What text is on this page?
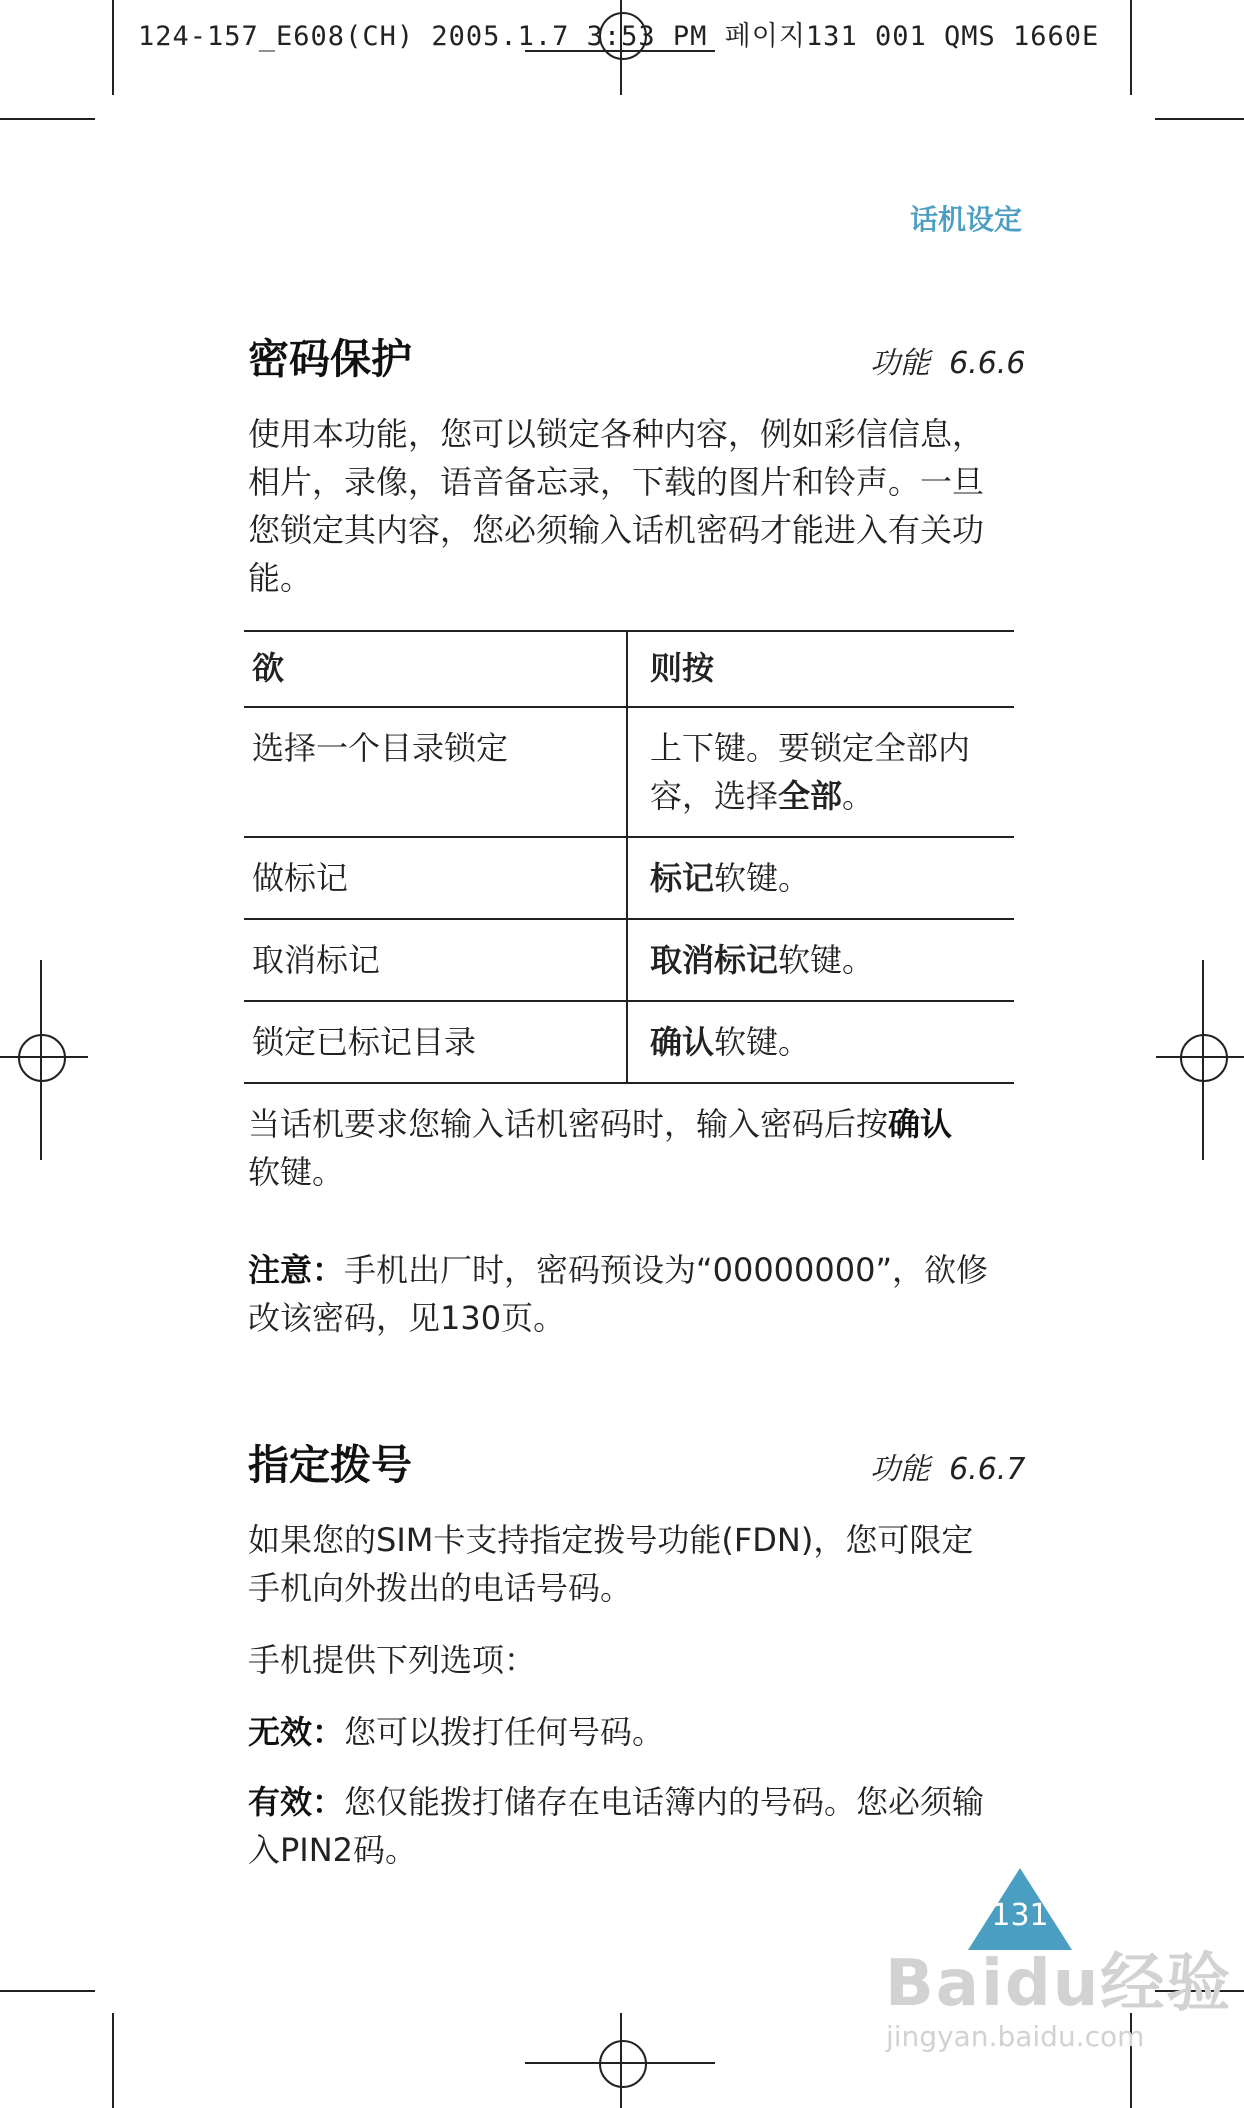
124-157_E608(CH) 2005.1.7 3:53 PM 페이지131 001 QMS 1660E
话机设定
密码保护	功能 6.6.6
使用本功能，您可以锁定各种内容，例如彩信信息，相片，录像，语音备忘录，下载的图片和铃声。一旦您锁定其内容，您必须输入话机密码才能进入有关功能。
欲	则按
选择一个目录锁定	上下键。要锁定全部内容，选择全部。
做标记	标记软键。
取消标记	取消标记软键。
锁定已标记目录	确认软键。
当话机要求您输入话机密码时，输入密码后按确认软键。
注意：手机出厂时，密码预设为“00000000”，欲修改该密码，见130页。
指定拨号	功能 6.6.7
如果您的SIM卡支持指定拨号功能(FDN)，您可限定手机向外拨出的电话号码。
手机提供下列选项：
无效：您可以拨打任何号码。
有效：您仅能拨打储存在电话簿内的号码。您必须输入PIN2码。
131
Baidu经验
jingyan.baidu.com
